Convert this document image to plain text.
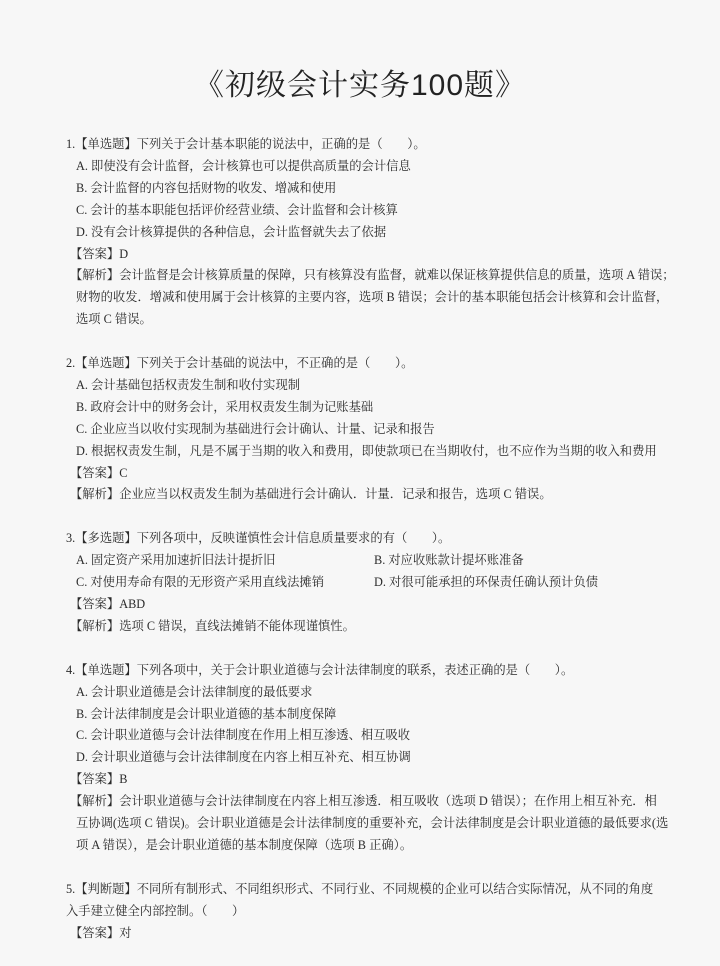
《初级会计实务100题》
1.【单选题】下列关于会计基本职能的说法中，正确的是（　　）。
A. 即使没有会计监督，会计核算也可以提供高质量的会计信息
B. 会计监督的内容包括财物的收发、增减和使用
C. 会计的基本职能包括评价经营业绩、会计监督和会计核算
D. 没有会计核算提供的各种信息，会计监督就失去了依据
【答案】D
【解析】会计监督是会计核算质量的保障，只有核算没有监督，就难以保证核算提供信息的质量，选项 A 错误；
财物的收发．增减和使用属于会计核算的主要内容，选项 B 错误；会计的基本职能包括会计核算和会计监督，
选项 C 错误。
2.【单选题】下列关于会计基础的说法中，不正确的是（　　）。
A. 会计基础包括权责发生制和收付实现制
B. 政府会计中的财务会计，采用权责发生制为记账基础
C. 企业应当以收付实现制为基础进行会计确认、计量、记录和报告
D. 根据权责发生制，凡是不属于当期的收入和费用，即使款项已在当期收付，也不应作为当期的收入和费用
【答案】C
【解析】企业应当以权责发生制为基础进行会计确认．计量．记录和报告，选项 C 错误。
3.【多选题】下列各项中，反映谨慎性会计信息质量要求的有（　　）。
A. 固定资产采用加速折旧法计提折旧	B. 对应收账款计提坏账准备
C. 对使用寿命有限的无形资产采用直线法摊销	D. 对很可能承担的环保责任确认预计负债
【答案】ABD
【解析】选项 C 错误，直线法摊销不能体现谨慎性。
4.【单选题】下列各项中，关于会计职业道德与会计法律制度的联系，表述正确的是（　　）。
A. 会计职业道德是会计法律制度的最低要求
B. 会计法律制度是会计职业道德的基本制度保障
C. 会计职业道德与会计法律制度在作用上相互渗透、相互吸收
D. 会计职业道德与会计法律制度在内容上相互补充、相互协调
【答案】B
【解析】会计职业道德与会计法律制度在内容上相互渗透．相互吸收（选项 D 错误）；在作用上相互补充．相
互协调(选项 C 错误)。会计职业道德是会计法律制度的重要补充，会计法律制度是会计职业道德的最低要求(选
项 A 错误），是会计职业道德的基本制度保障（选项 B 正确）。
5.【判断题】不同所有制形式、不同组织形式、不同行业、不同规模的企业可以结合实际情况，从不同的角度
入手建立健全内部控制。（　　）
【答案】对
